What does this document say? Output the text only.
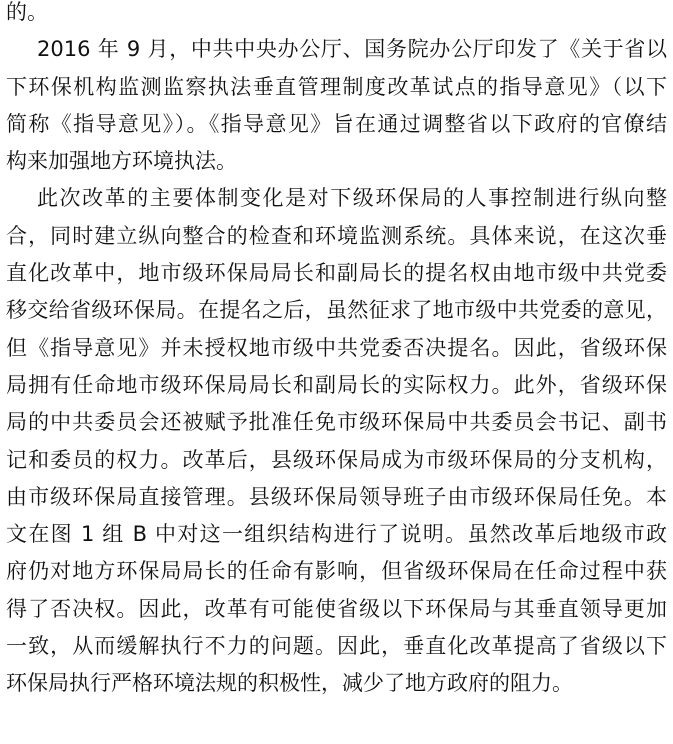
的。
2016 年 9 月，中共中央办公厅、国务院办公厅印发了《关于省以
下环保机构监测监察执法垂直管理制度改革试点的指导意见》（以下
简称《指导意见》）。《指导意见》旨在通过调整省以下政府的官僚结
构来加强地方环境执法。
此次改革的主要体制变化是对下级环保局的人事控制进行纵向整
合，同时建立纵向整合的检查和环境监测系统。具体来说，在这次垂
直化改革中，地市级环保局局长和副局长的提名权由地市级中共党委
移交给省级环保局。在提名之后，虽然征求了地市级中共党委的意见，
但《指导意见》并未授权地市级中共党委否决提名。因此，省级环保
局拥有任命地市级环保局局长和副局长的实际权力。此外，省级环保
局的中共委员会还被赋予批准任免市级环保局中共委员会书记、副书
记和委员的权力。改革后，县级环保局成为市级环保局的分支机构，
由市级环保局直接管理。县级环保局领导班子由市级环保局任免。本
文在图 1 组 B 中对这一组织结构进行了说明。虽然改革后地级市政
府仍对地方环保局局长的任命有影响，但省级环保局在任命过程中获
得了否决权。因此，改革有可能使省级以下环保局与其垂直领导更加
一致，从而缓解执行不力的问题。因此，垂直化改革提高了省级以下
环保局执行严格环境法规的积极性，减少了地方政府的阻力。
